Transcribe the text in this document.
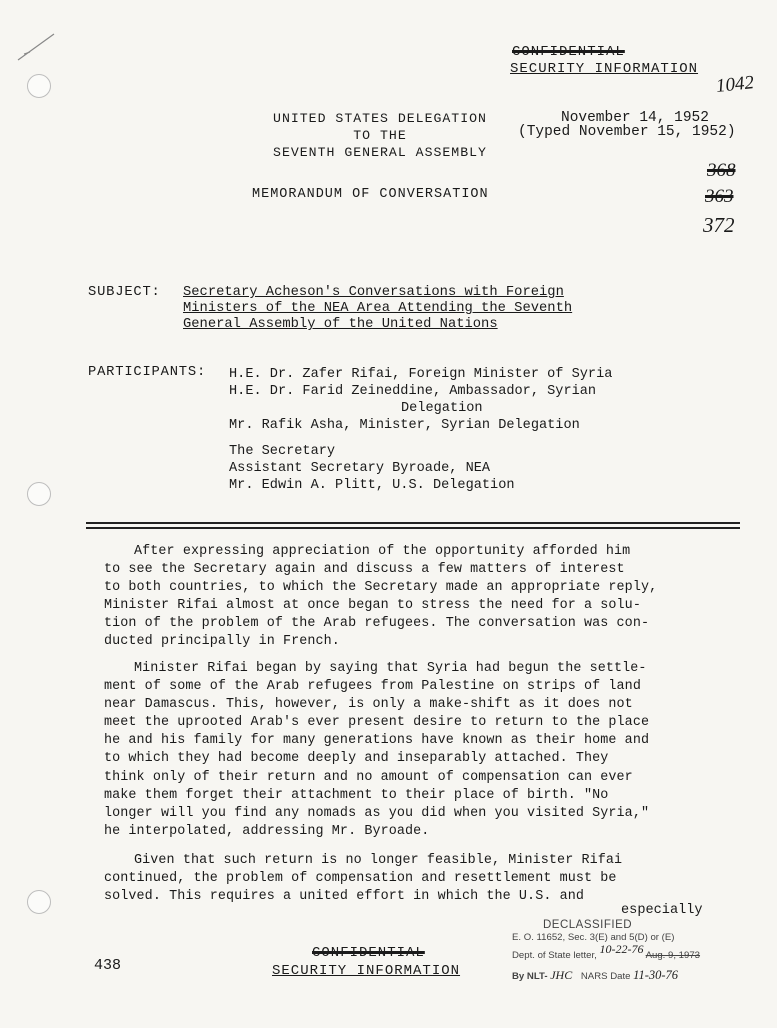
CONFIDENTIAL
SECURITY INFORMATION
1042
368
363
372
UNITED STATES DELEGATION
TO THE
SEVENTH GENERAL ASSEMBLY
November 14, 1952
(Typed November 15, 1952)
MEMORANDUM OF CONVERSATION
SUBJECT: Secretary Acheson's Conversations with Foreign
Ministers of the NEA Area Attending the Seventh
General Assembly of the United Nations
PARTICIPANTS: H.E. Dr. Zafer Rifai, Foreign Minister of Syria
H.E. Dr. Farid Zeineddine, Ambassador, Syrian
Delegation
Mr. Rafik Asha, Minister, Syrian Delegation
The Secretary
Assistant Secretary Byroade, NEA
Mr. Edwin A. Plitt, U.S. Delegation
After expressing appreciation of the opportunity afforded him
to see the Secretary again and discuss a few matters of interest
to both countries, to which the Secretary made an appropriate reply,
Minister Rifai almost at once began to stress the need for a solu-
tion of the problem of the Arab refugees. The conversation was con-
ducted principally in French.
Minister Rifai began by saying that Syria had begun the settle-
ment of some of the Arab refugees from Palestine on strips of land
near Damascus. This, however, is only a make-shift as it does not
meet the uprooted Arab's ever present desire to return to the place
he and his family for many generations have known as their home and
to which they had become deeply and inseparably attached. They
think only of their return and no amount of compensation can ever
make them forget their attachment to their place of birth. "No
longer will you find any nomads as you did when you visited Syria,"
he interpolated, addressing Mr. Byroade.
Given that such return is no longer feasible, Minister Rifai
continued, the problem of compensation and resettlement must be
solved. This requires a united effort in which the U.S. and
especially
438
CONFIDENTIAL
SECURITY INFORMATION
DECLASSIFIED
E. O. 11652, Sec. 3(E) and 5(D) or (E)
Dept. of State letter, 10-22-76 Aug. 9, 1973
By NLT- JHC NARS Date 11-30-76
